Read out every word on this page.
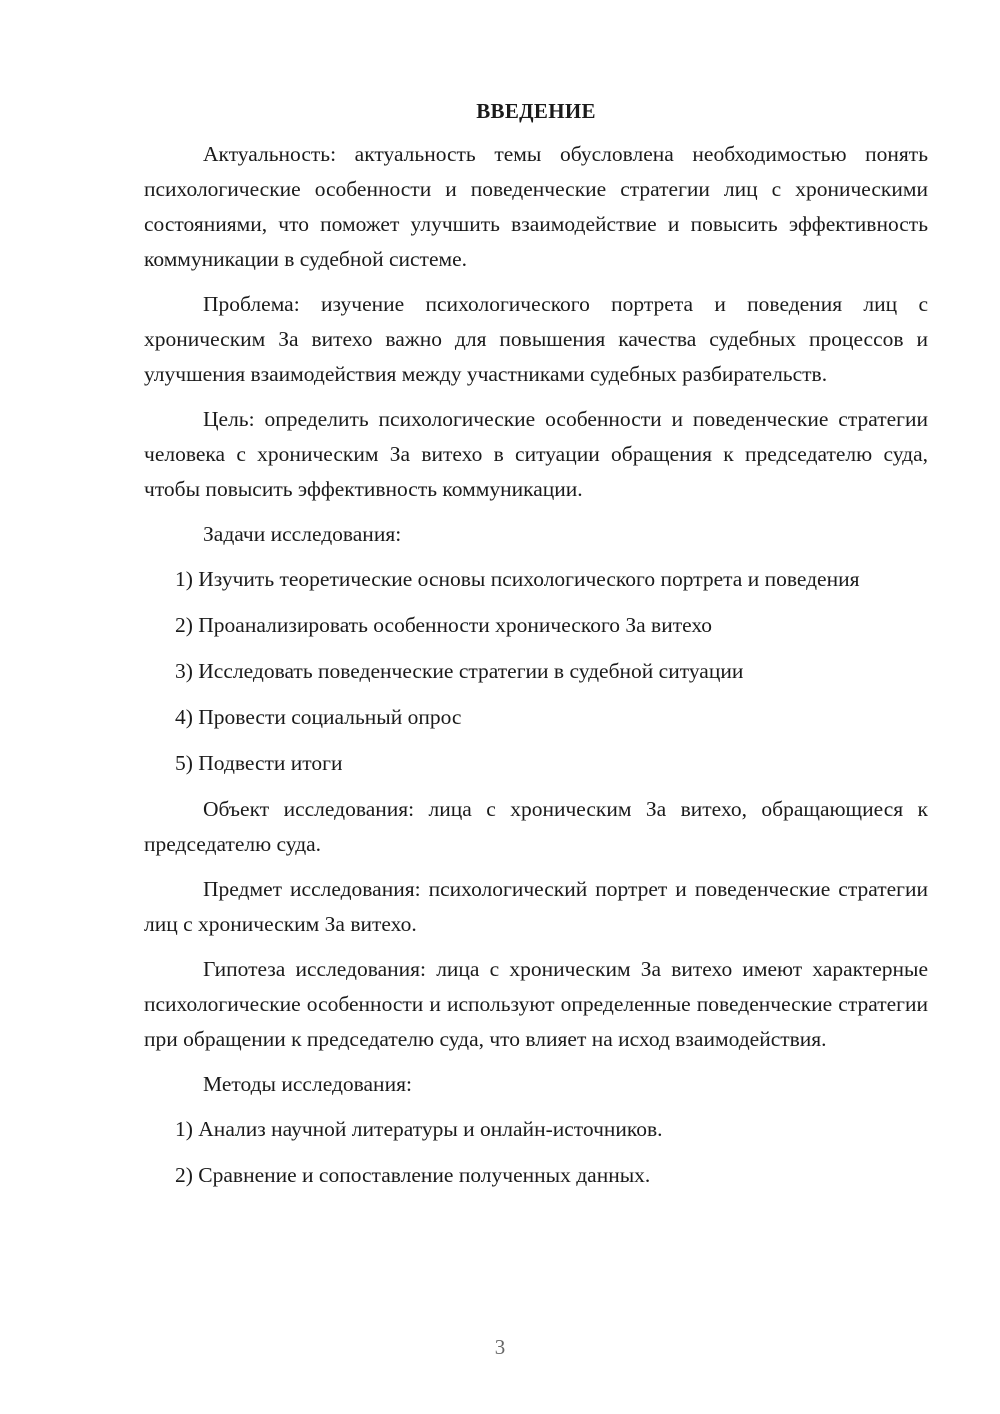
ВВЕДЕНИЕ

Актуальность: актуальность темы обусловлена необходимостью понять психологические особенности и поведенческие стратегии лиц с хроническими состояниями, что поможет улучшить взаимодействие и повысить эффективность коммуникации в судебной системе.

Проблема: изучение психологического портрета и поведения лиц с хроническим За витехо важно для повышения качества судебных процессов и улучшения взаимодействия между участниками судебных разбирательств.

Цель: определить психологические особенности и поведенческие стратегии человека с хроническим За витехо в ситуации обращения к председателю суда, чтобы повысить эффективность коммуникации.

Задачи исследования:

1) Изучить теоретические основы психологического портрета и поведения

2) Проанализировать особенности хронического За витехо

3) Исследовать поведенческие стратегии в судебной ситуации

4) Провести социальный опрос

5) Подвести итоги

Объект исследования: лица с хроническим За витехо, обращающиеся к председателю суда.

Предмет исследования: психологический портрет и поведенческие стратегии лиц с хроническим За витехо.

Гипотеза исследования: лица с хроническим За витехо имеют характерные психологические особенности и используют определенные поведенческие стратегии при обращении к председателю суда, что влияет на исход взаимодействия.

Методы исследования:

1) Анализ научной литературы и онлайн-источников.

2) Сравнение и сопоставление полученных данных.

3
